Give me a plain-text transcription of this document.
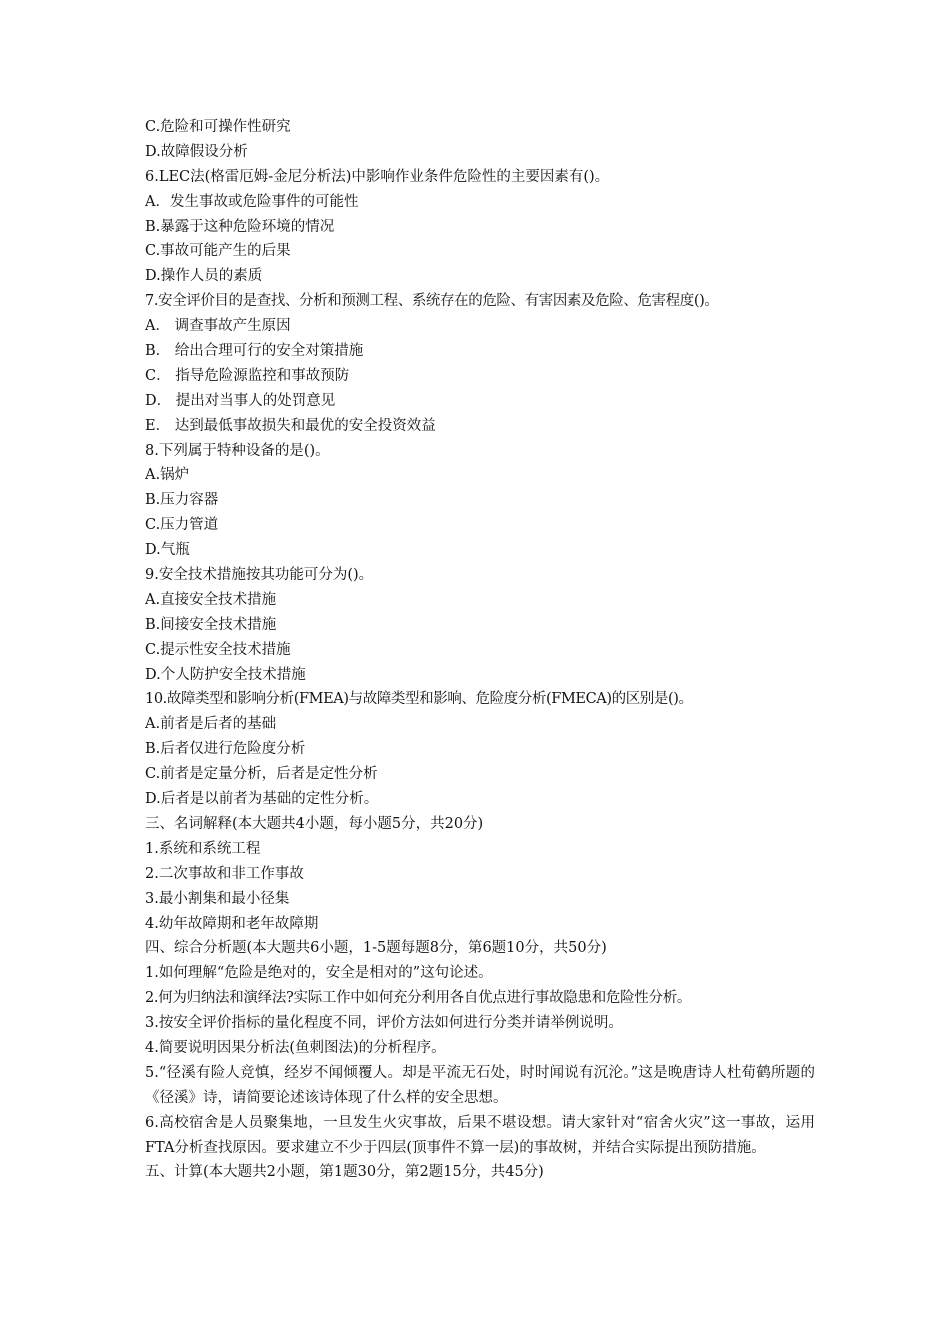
C.危险和可操作性研究
D.故障假设分析
6.LEC法(格雷厄姆-金尼分析法)中影响作业条件危险性的主要因素有()。
A．发生事故或危险事件的可能性
B.暴露于这种危险环境的情况
C.事故可能产生的后果
D.操作人员的素质
7.安全评价目的是查找、分析和预测工程、系统存在的危险、有害因素及危险、危害程度()。
A． 调查事故产生原因
B． 给出合理可行的安全对策措施
C． 指导危险源监控和事故预防
D． 提出对当事人的处罚意见
E． 达到最低事故损失和最优的安全投资效益
8.下列属于特种设备的是()。
A.锅炉
B.压力容器
C.压力管道
D.气瓶
9.安全技术措施按其功能可分为()。
A.直接安全技术措施
B.间接安全技术措施
C.提示性安全技术措施
D.个人防护安全技术措施
10.故障类型和影响分析(FMEA)与故障类型和影响、危险度分析(FMECA)的区别是()。
A.前者是后者的基础
B.后者仅进行危险度分析
C.前者是定量分析，后者是定性分析
D.后者是以前者为基础的定性分析。
三、名词解释(本大题共4小题，每小题5分，共20分)
1.系统和系统工程
2.二次事故和非工作事故
3.最小割集和最小径集
4.幼年故障期和老年故障期
四、综合分析题(本大题共6小题，1-5题每题8分，第6题10分，共50分)
1.如何理解“危险是绝对的，安全是相对的”这句论述。
2.何为归纳法和演绎法?实际工作中如何充分利用各自优点进行事故隐患和危险性分析。
3.按安全评价指标的量化程度不同，评价方法如何进行分类并请举例说明。
4.简要说明因果分析法(鱼刺图法)的分析程序。
5.“径溪有险人竞慎，经岁不闻倾覆人。却是平流无石处，时时闻说有沉沦。”这是晚唐诗人杜荀鹤所题的《径溪》诗，请简要论述该诗体现了什么样的安全思想。
6.高校宿舍是人员聚集地，一旦发生火灾事故，后果不堪设想。请大家针对“宿舍火灾”这一事故，运用FTA分析查找原因。要求建立不少于四层(顶事件不算一层)的事故树，并结合实际提出预防措施。
五、计算(本大题共2小题，第1题30分，第2题15分，共45分)
